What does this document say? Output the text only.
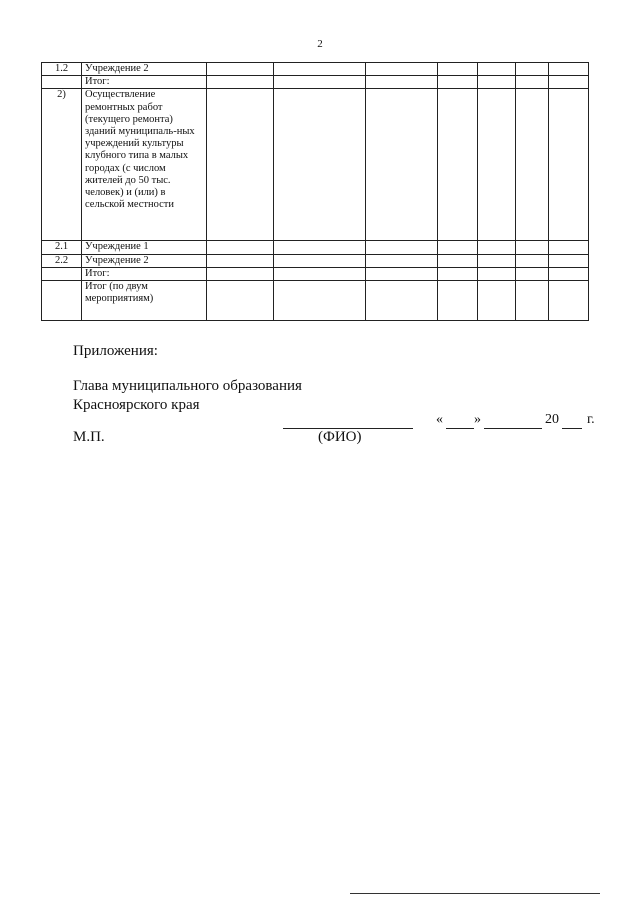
2
1.2	Учреждение 2							
	Итог:							
2)	Осуществление ремонтных работ (текущего ремонта) зданий муниципаль-ных учреждений культуры клубного типа в малых городах (с числом жителей до 50 тыс. человек) и (или) в сельской местности							
2.1	Учреждение 1							
2.2	Учреждение 2							
	Итог:							
	Итог (по двум мероприятиям)							
Приложения:
Глава муниципального образования
Красноярского края
« »	20 г.
М.П.	(ФИО)
